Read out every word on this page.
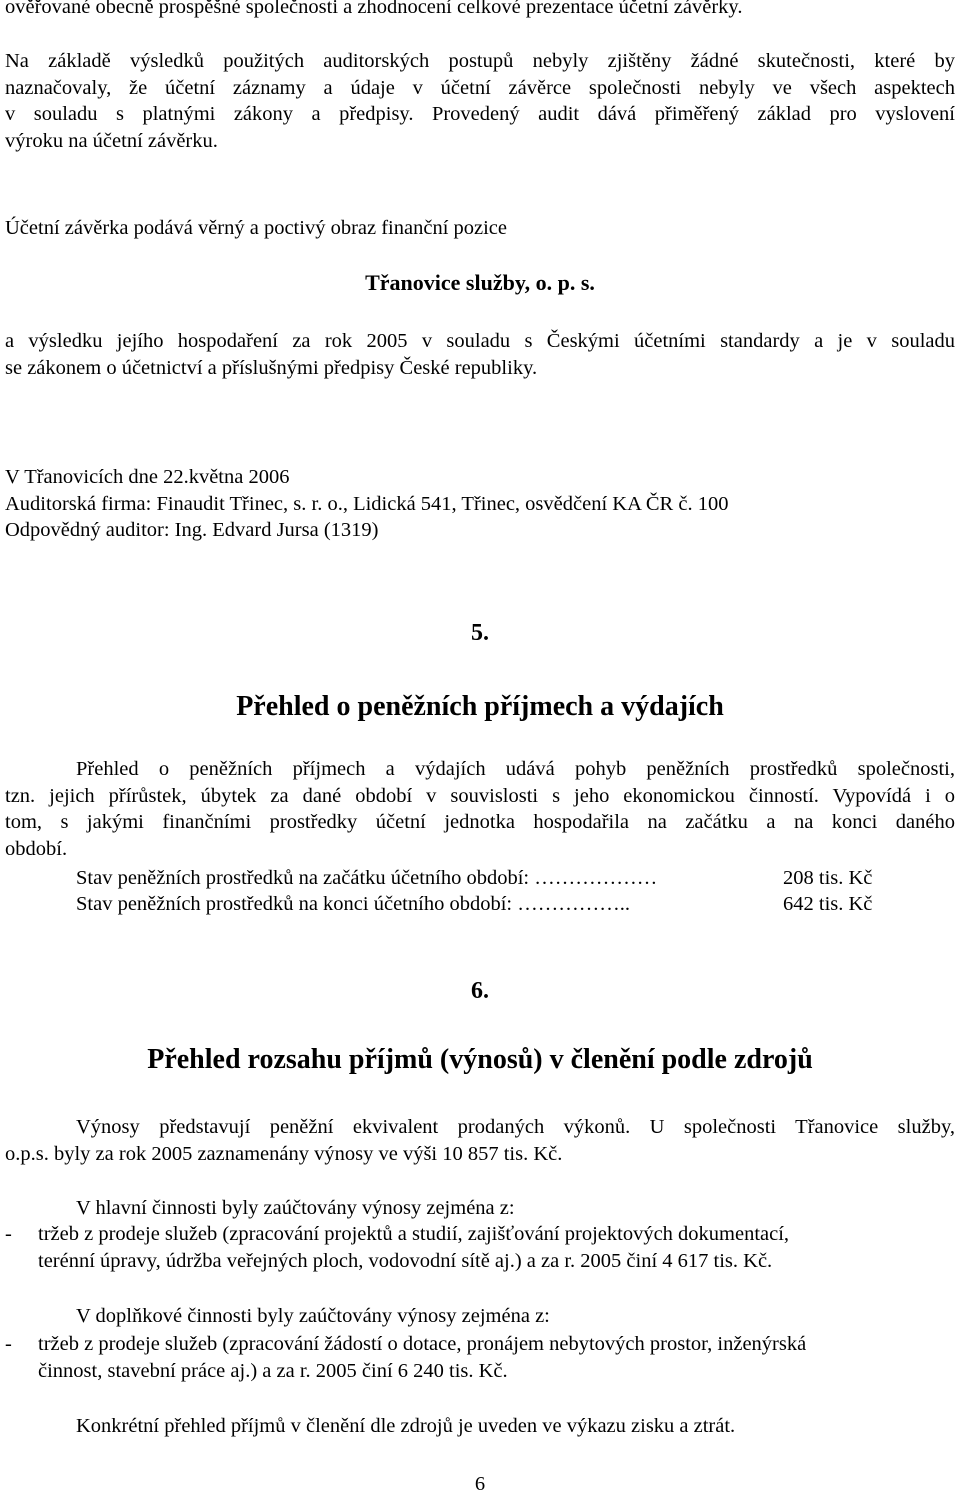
ověřované obecně prospěšné společnosti a zhodnocení celkové prezentace účetní závěrky.
Na základě výsledků použitých auditorských postupů nebyly zjištěny žádné skutečnosti, které by
naznačovaly, že účetní záznamy a údaje v účetní závěrce společnosti nebyly ve všech aspektech
v souladu s platnými zákony a předpisy. Provedený audit dává přiměřený základ pro vyslovení
výroku na účetní závěrku.
Účetní závěrka podává věrný a poctivý obraz finanční pozice
Třanovice služby, o. p. s.
a výsledku jejího hospodaření za rok 2005 v souladu s Českými účetními standardy a je v souladu
se zákonem o účetnictví a příslušnými předpisy České republiky.
V Třanovicích dne 22.května 2006
Auditorská firma: Finaudit Třinec, s. r. o., Lidická 541, Třinec, osvědčení KA ČR č. 100
Odpovědný auditor: Ing. Edvard Jursa (1319)
5.
Přehled o peněžních příjmech a výdajích
Přehled o peněžních příjmech a výdajích udává pohyb peněžních prostředků společnosti,
tzn. jejich přírůstek, úbytek za dané období v souvislosti s jeho ekonomickou činností. Vypovídá i o
tom, s jakými finančními prostředky účetní jednotka hospodařila na začátku a na konci daného
období.
Stav peněžních prostředků na začátku účetního období: ………………	208 tis. Kč
Stav peněžních prostředků na konci účetního období: ……………..	642 tis. Kč
6.
Přehled rozsahu příjmů (výnosů) v členění podle zdrojů
Výnosy představují peněžní ekvivalent prodaných výkonů. U společnosti Třanovice služby,
o.p.s. byly za rok 2005 zaznamenány výnosy ve výši 10 857 tis. Kč.
V hlavní činnosti byly zaúčtovány výnosy zejména z:
- tržeb z prodeje služeb (zpracování projektů a studií, zajišťování projektových dokumentací,
terénní úpravy, údržba veřejných ploch, vodovodní sítě aj.) a za r. 2005 činí 4 617 tis. Kč.
V doplňkové činnosti byly zaúčtovány výnosy zejména z:
- tržeb z prodeje služeb (zpracování žádostí o dotace, pronájem nebytových prostor, inženýrská
činnost, stavební práce aj.) a za r. 2005 činí 6 240 tis. Kč.
Konkrétní přehled příjmů v členění dle zdrojů je uveden ve výkazu zisku a ztrát.
6
